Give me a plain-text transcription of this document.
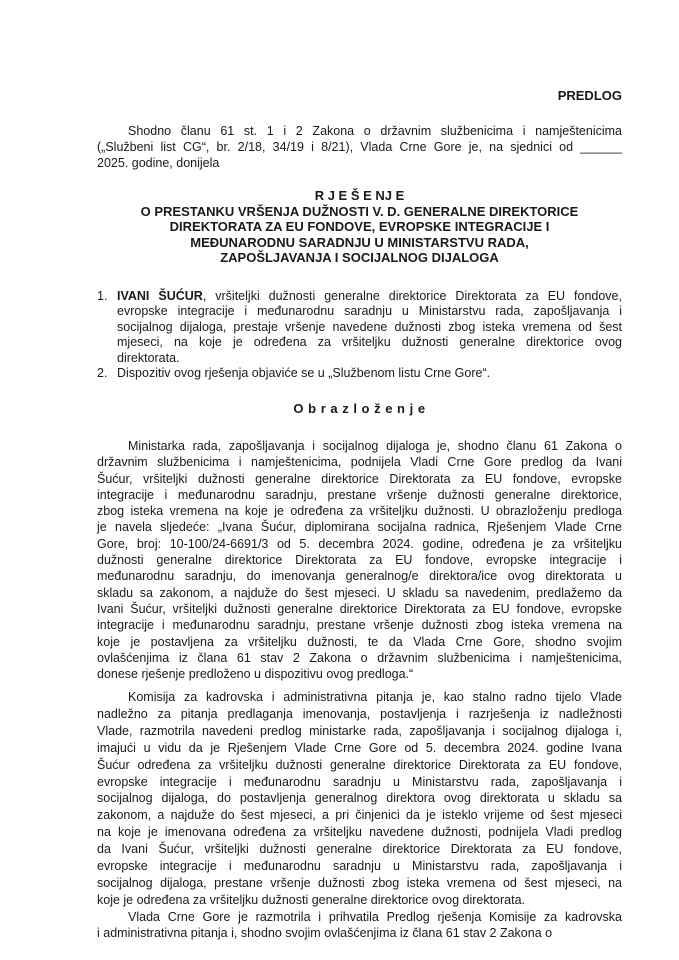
PREDLOG
Shodno članu 61 st. 1 i 2 Zakona o državnim službenicima i namještenicima
(„Službeni list CG“, br. 2/18, 34/19 i 8/21), Vlada Crne Gore je, na sjednici od ______
2025. godine, donijela
R J E Š E NJ E
O PRESTANKU VRŠENJA DUŽNOSTI V. D. GENERALNE DIREKTORICE
DIREKTORATA ZA EU FONDOVE, EVROPSKE INTEGRACIJE I
MEĐUNARODNU SARADNJU U MINISTARSTVU RADA,
ZAPOŠLJAVANJA I SOCIJALNOG DIJALOGA
1. IVANI ŠUĆUR, vršiteljki dužnosti generalne direktorice Direktorata za EU fondove,
evropske integracije i međunarodnu saradnju u Ministarstvu rada, zapošljavanja i
socijalnog dijaloga, prestaje vršenje navedene dužnosti zbog isteka vremena od šest
mjeseci, na koje je određena za vršiteljku dužnosti generalne direktorice ovog
direktorata.
2. Dispozitiv ovog rješenja objaviće se u „Službenom listu Crne Gore“.
O b r a z l o ž e n j e
Ministarka rada, zapošljavanja i socijalnog dijaloga je, shodno članu 61 Zakona o
državnim službenicima i namještenicima, podnijela Vladi Crne Gore predlog da Ivani
Šućur, vršiteljki dužnosti generalne direktorice Direktorata za EU fondove, evropske
integracije i međunarodnu saradnju, prestane vršenje dužnosti generalne direktorice,
zbog isteka vremena na koje je određena za vršiteljku dužnosti. U obrazloženju predloga
je navela sljedeće: „Ivana Šućur, diplomirana socijalna radnica, Rješenjem Vlade Crne
Gore, broj: 10-100/24-6691/3 od 5. decembra 2024. godine, određena je za vršiteljku
dužnosti generalne direktorice Direktorata za EU fondove, evropske integracije i
međunarodnu saradnju, do imenovanja generalnog/e direktora/ice ovog direktorata u
skladu sa zakonom, a najduže do šest mjeseci. U skladu sa navedenim, predlažemo da
Ivani Šućur, vršiteljki dužnosti generalne direktorice Direktorata za EU fondove, evropske
integracije i međunarodnu saradnju, prestane vršenje dužnosti zbog isteka vremena na
koje je postavljena za vršiteljku dužnosti, te da Vlada Crne Gore, shodno svojim
ovlašćenjima iz člana 61 stav 2 Zakona o državnim službenicima i namještenicima,
donese rješenje predloženo u dispozitivu ovog predloga.“
Komisija za kadrovska i administrativna pitanja je, kao stalno radno tijelo Vlade
nadležno za pitanja predlaganja imenovanja, postavljenja i razrješenja iz nadležnosti
Vlade, razmotrila navedeni predlog ministarke rada, zapošljavanja i socijalnog dijaloga i,
imajući u vidu da je Rješenjem Vlade Crne Gore od 5. decembra 2024. godine Ivana
Šućur određena za vršiteljku dužnosti generalne direktorice Direktorata za EU fondove,
evropske integracije i međunarodnu saradnju u Ministarstvu rada, zapošljavanja i
socijalnog dijaloga, do postavljenja generalnog direktora ovog direktorata u skladu sa
zakonom, a najduže do šest mjeseci, a pri činjenici da je isteklo vrijeme od šest mjeseci
na koje je imenovana određena za vršiteljku navedene dužnosti, podnijela Vladi predlog
da Ivani Šućur, vršiteljki dužnosti generalne direktorice Direktorata za EU fondove,
evropske integracije i međunarodnu saradnju u Ministarstvu rada, zapošljavanja i
socijalnog dijaloga, prestane vršenje dužnosti zbog isteka vremena od šest mjeseci, na
koje je određena za vršiteljku dužnosti generalne direktorice ovog direktorata.
Vlada Crne Gore je razmotrila i prihvatila Predlog rješenja Komisije za kadrovska
i administrativna pitanja i, shodno svojim ovlašćenjima iz člana 61 stav 2 Zakona o
